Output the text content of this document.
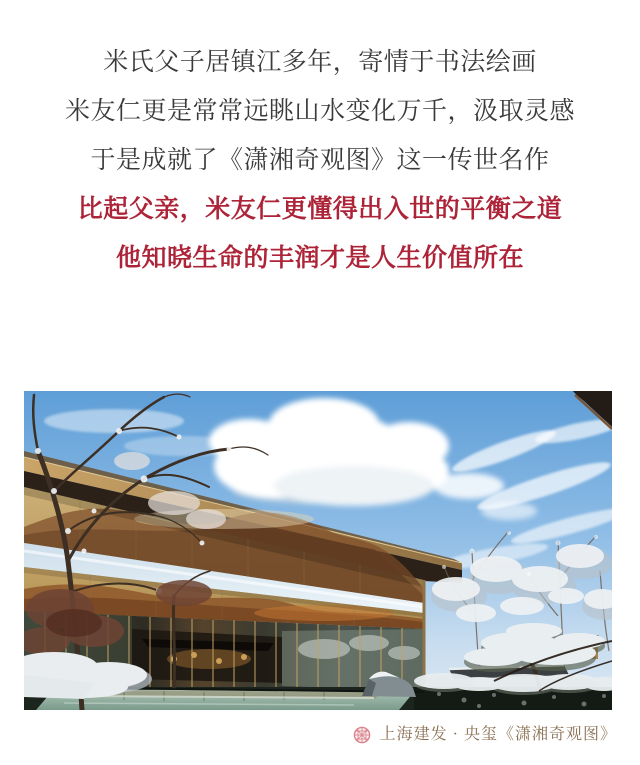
米氏父子居镇江多年，寄情于书法绘画

米友仁更是常常远眺山水变化万千，汲取灵感

于是成就了《潇湘奇观图》这一传世名作

比起父亲，米友仁更懂得出入世的平衡之道

他知晓生命的丰润才是人生价值所在

上海建发 · 央玺《潇湘奇观图》
